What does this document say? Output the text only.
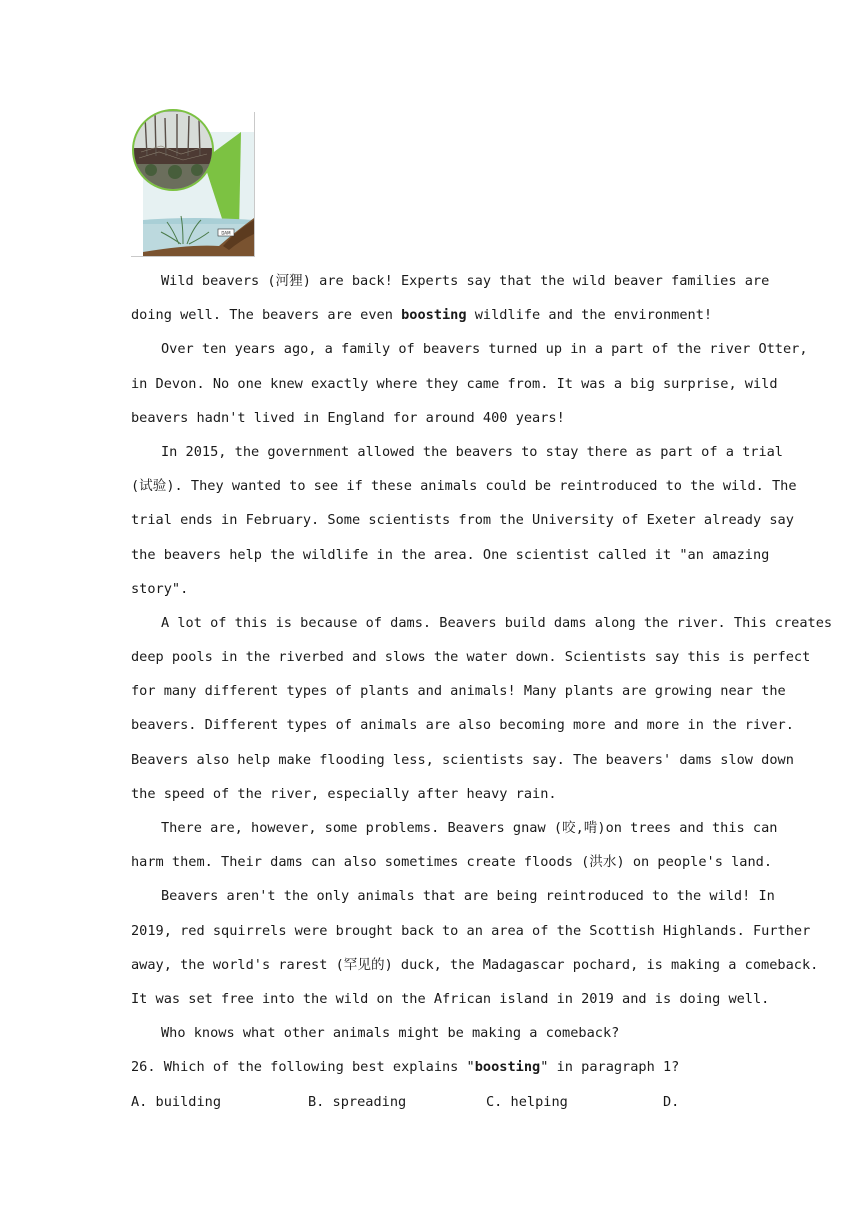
DAM
Wild beavers (河狸) are back! Experts say that the wild beaver families are
doing well. The beavers are even boosting wildlife and the environment!
Over ten years ago, a family of beavers turned up in a part of the river Otter,
in Devon. No one knew exactly where they came from. It was a big surprise, wild
beavers hadn't lived in England for around 400 years!
In 2015, the government allowed the beavers to stay there as part of a trial
(试验). They wanted to see if these animals could be reintroduced to the wild. The
trial ends in February. Some scientists from the University of Exeter already say
the beavers help the wildlife in the area. One scientist called it "an amazing
story".
A lot of this is because of dams. Beavers build dams along the river. This creates
deep pools in the riverbed and slows the water down. Scientists say this is perfect
for many different types of plants and animals! Many plants are growing near the
beavers. Different types of animals are also becoming more and more in the river.
Beavers also help make flooding less, scientists say. The beavers' dams slow down
the speed of the river, especially after heavy rain.
There are, however, some problems. Beavers gnaw (咬,啃)on trees and this can
harm them. Their dams can also sometimes create floods (洪水) on people's land.
Beavers aren't the only animals that are being reintroduced to the wild! In
2019, red squirrels were brought back to an area of the Scottish Highlands. Further
away, the world's rarest (罕见的) duck, the Madagascar pochard, is making a comeback.
It was set free into the wild on the African island in 2019 and is doing well.
Who knows what other animals might be making a comeback?
26. Which of the following best explains "boosting" in paragraph 1?
A. building	B. spreading	C. helping	D.
